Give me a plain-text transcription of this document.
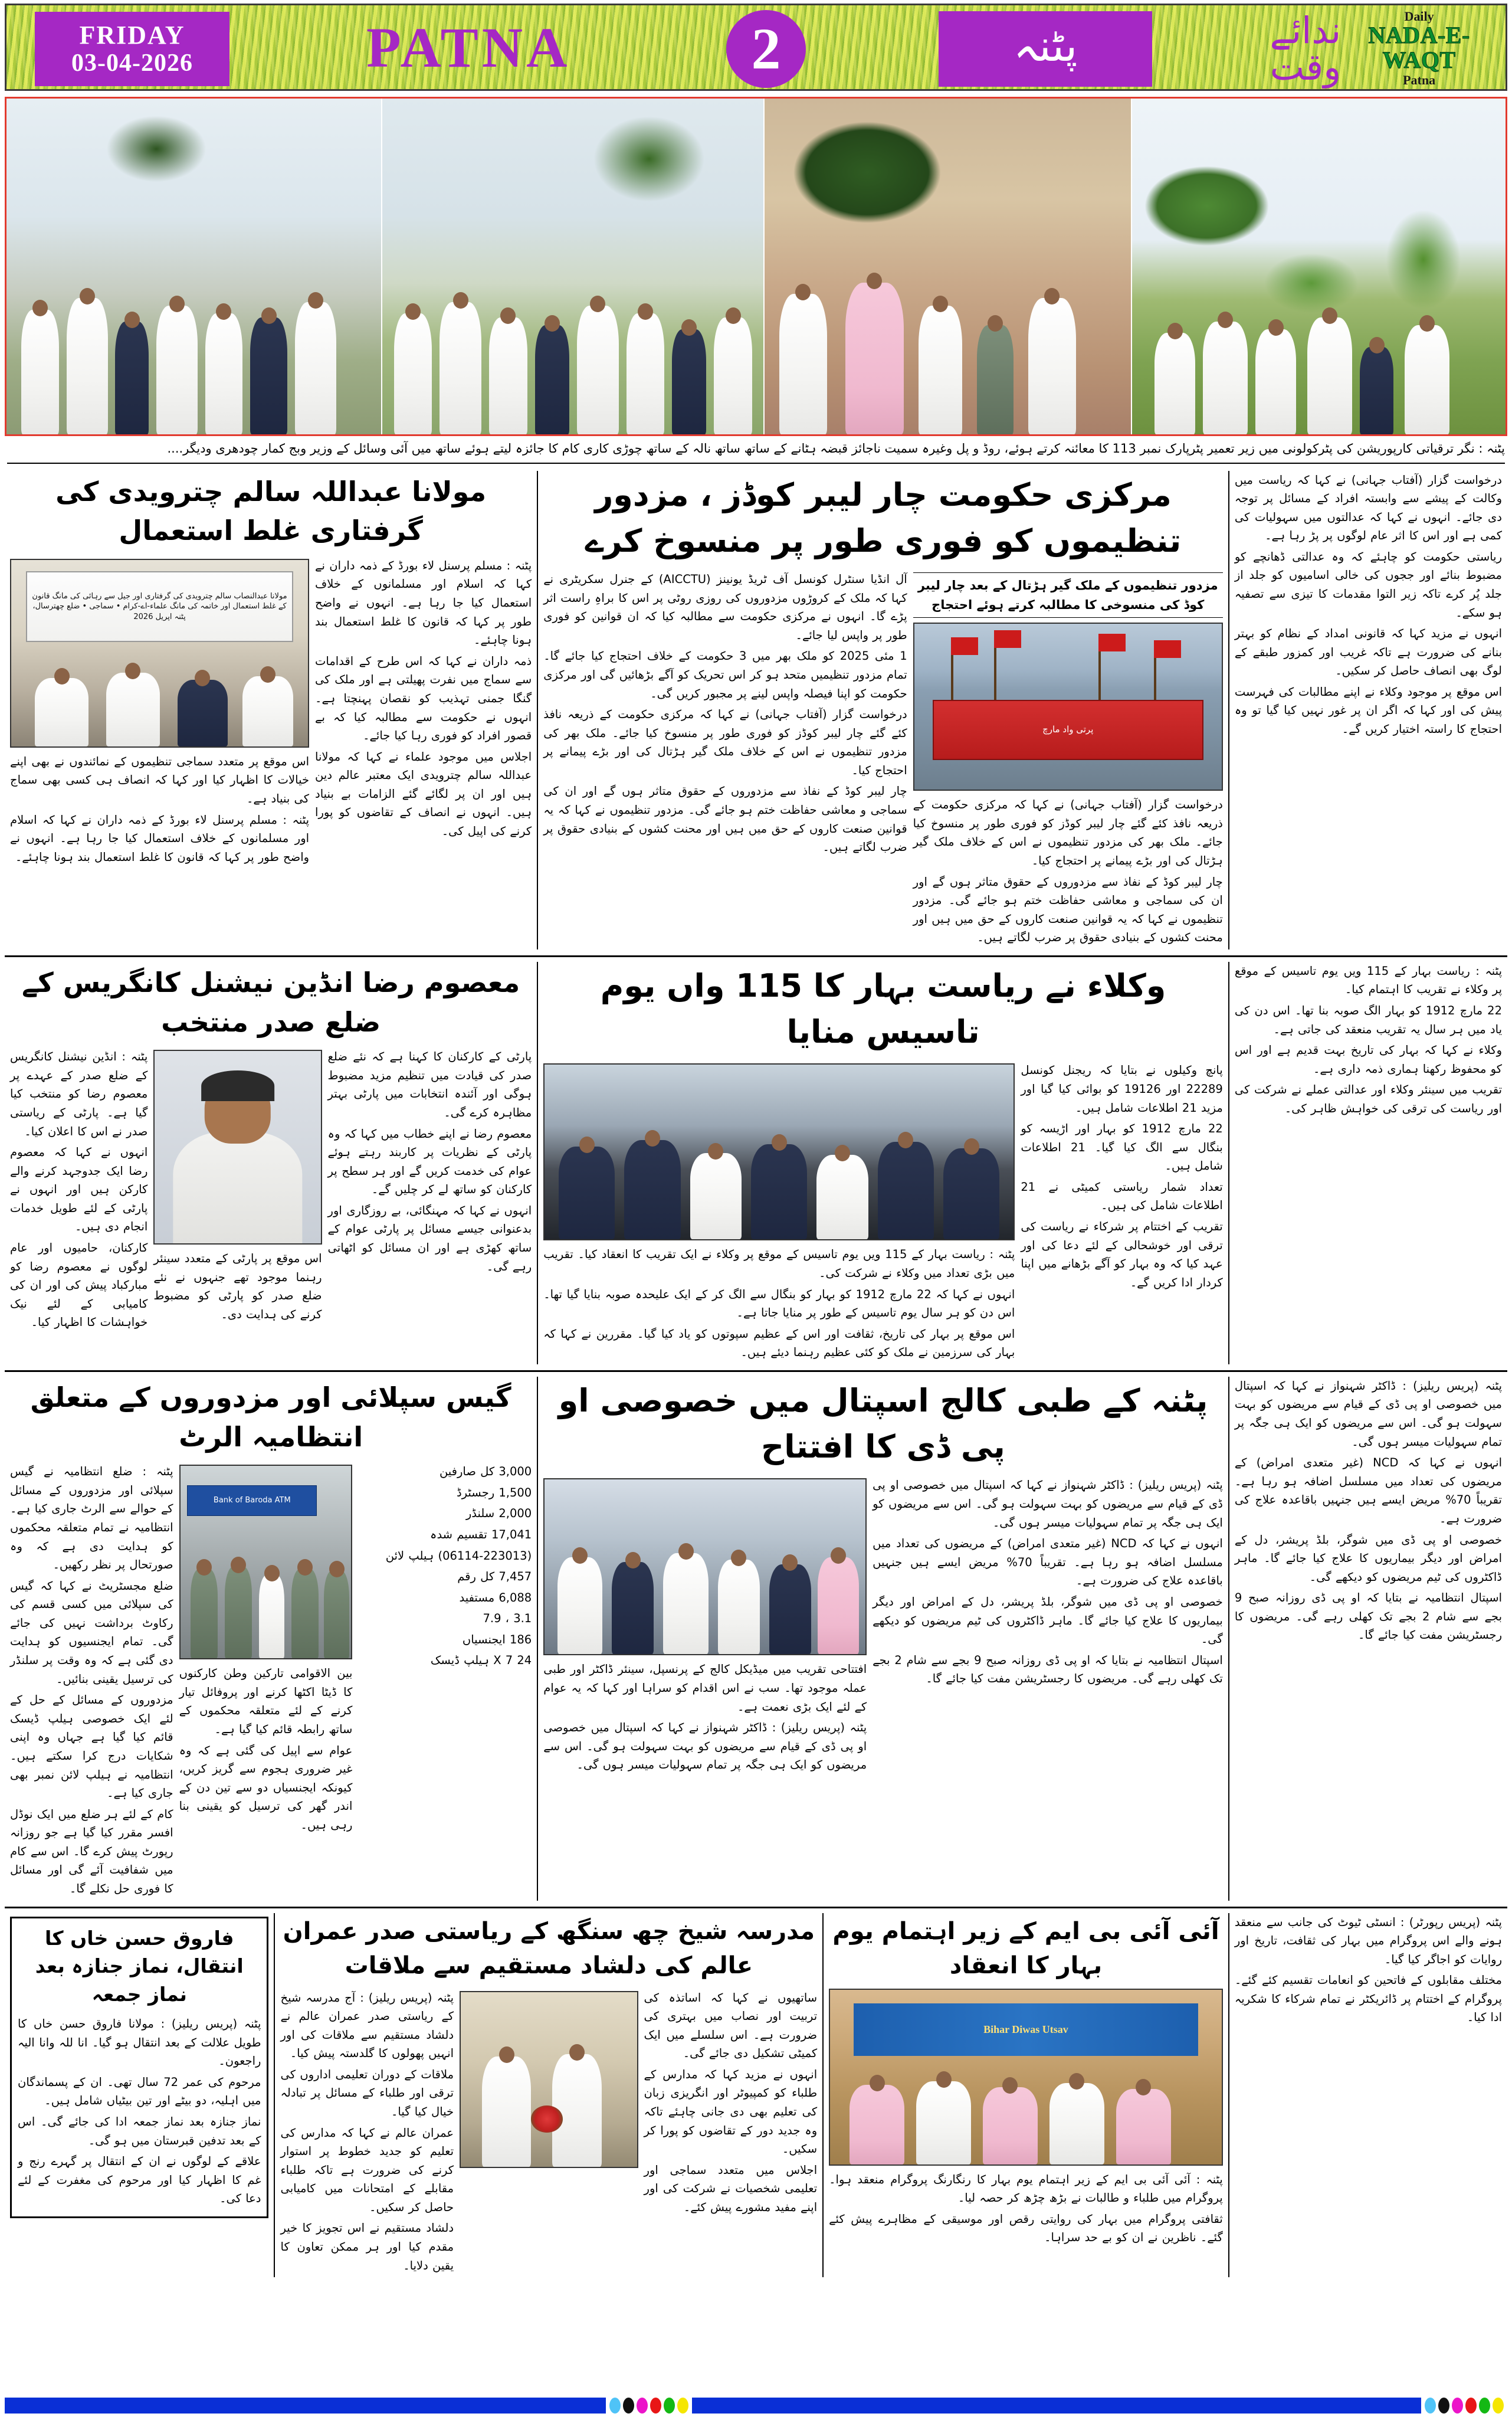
FRIDAY
03-04-2026	PATNA	2	پٹنہ
Daily
NADA-E-WAQT
Patna
ندائے وقت
پٹنہ : نگر ترقیاتی کارپوریشن کی پٹرکولونی میں زیر تعمیر پٹرپارک نمبر 113 کا معائنہ کرتے ہوئے، روڈ و پل وغیرہ سمیت ناجائز قبضہ ہٹانے کے ساتھ ساتھ نالہ کے ساتھ چوڑی کاری کام کا جائزہ لیتے ہوئے ساتھ میں آئی وسائل کے وزیر وبج کمار چودھری ودیگر....

درخواست گزار (آفتاب جہانی) نے کہا کہ ریاست میں وکالت کے پیشے سے وابستہ افراد کے مسائل پر توجہ دی جائے۔ انہوں نے کہا کہ عدالتوں میں سہولیات کی کمی ہے اور اس کا اثر عام لوگوں پر پڑ رہا ہے۔

ریاستی حکومت کو چاہئے کہ وہ عدالتی ڈھانچے کو مضبوط بنائے اور ججوں کی خالی اسامیوں کو جلد از جلد پُر کرے تاکہ زیر التوا مقدمات کا تیزی سے تصفیہ ہو سکے۔

انہوں نے مزید کہا کہ قانونی امداد کے نظام کو بہتر بنانے کی ضرورت ہے تاکہ غریب اور کمزور طبقے کے لوگ بھی انصاف حاصل کر سکیں۔

اس موقع پر موجود وکلاء نے اپنے مطالبات کی فہرست پیش کی اور کہا کہ اگر ان پر غور نہیں کیا گیا تو وہ احتجاج کا راستہ اختیار کریں گے۔

مرکزی حکومت چار لیبر کوڈز ، مزدور تنظیموں کو فوری طور پر منسوخ کرے
مزدور تنظیموں کے ملک گیر ہڑتال کے بعد چار لیبر کوڈ کی منسوخی کا مطالبہ کرتے ہوئے احتجاج
پرتی واد مارچ

درخواست گزار (آفتاب جہانی) نے کہا کہ مرکزی حکومت کے ذریعہ نافذ کئے گئے چار لیبر کوڈز کو فوری طور پر منسوخ کیا جائے۔ ملک بھر کی مزدور تنظیموں نے اس کے خلاف ملک گیر ہڑتال کی اور بڑے پیمانے پر احتجاج کیا۔

چار لیبر کوڈ کے نفاذ سے مزدوروں کے حقوق متاثر ہوں گے اور ان کی سماجی و معاشی حفاظت ختم ہو جائے گی۔ مزدور تنظیموں نے کہا کہ یہ قوانین صنعت کاروں کے حق میں ہیں اور محنت کشوں کے بنیادی حقوق پر ضرب لگاتے ہیں۔

آل انڈیا سنٹرل کونسل آف ٹریڈ یونینز (AICCTU) کے جنرل سکریٹری نے کہا کہ ملک کے کروڑوں مزدوروں کی روزی روٹی پر اس کا براہِ راست اثر پڑے گا۔ انہوں نے مرکزی حکومت سے مطالبہ کیا کہ ان قوانین کو فوری طور پر واپس لیا جائے۔

1 مئی 2025 کو ملک بھر میں 3 حکومت کے خلاف احتجاج کیا جائے گا۔ تمام مزدور تنظیمیں متحد ہو کر اس تحریک کو آگے بڑھائیں گی اور مرکزی حکومت کو اپنا فیصلہ واپس لینے پر مجبور کریں گی۔

درخواست گزار (آفتاب جہانی) نے کہا کہ مرکزی حکومت کے ذریعہ نافذ کئے گئے چار لیبر کوڈز کو فوری طور پر منسوخ کیا جائے۔ ملک بھر کی مزدور تنظیموں نے اس کے خلاف ملک گیر ہڑتال کی اور بڑے پیمانے پر احتجاج کیا۔

چار لیبر کوڈ کے نفاذ سے مزدوروں کے حقوق متاثر ہوں گے اور ان کی سماجی و معاشی حفاظت ختم ہو جائے گی۔ مزدور تنظیموں نے کہا کہ یہ قوانین صنعت کاروں کے حق میں ہیں اور محنت کشوں کے بنیادی حقوق پر ضرب لگاتے ہیں۔

مولانا عبداللہ سالم چترویدی کی گرفتاری غلط استعمال

پٹنہ : مسلم پرسنل لاء بورڈ کے ذمہ داران نے کہا کہ اسلام اور مسلمانوں کے خلاف استعمال کیا جا رہا ہے۔ انہوں نے واضح طور پر کہا کہ قانون کا غلط استعمال بند ہونا چاہئے۔

ذمہ داران نے کہا کہ اس طرح کے اقدامات سے سماج میں نفرت پھیلتی ہے اور ملک کی گنگا جمنی تہذیب کو نقصان پہنچتا ہے۔ انہوں نے حکومت سے مطالبہ کیا کہ بے قصور افراد کو فوری رہا کیا جائے۔

اجلاس میں موجود علماء نے کہا کہ مولانا عبداللہ سالم چترویدی ایک معتبر عالم دین ہیں اور ان پر لگائے گئے الزامات بے بنیاد ہیں۔ انہوں نے انصاف کے تقاضوں کو پورا کرنے کی اپیل کی۔

مولانا عبدالنصاب سالم چترویدی کی گرفتاری اور جیل سے رہائی کی مانگ قانون کے غلط استعمال اور خاتمہ کی مانگ علماء-اے-کرام • سماجی • ضلع چھترسال، پٹنہ اپریل 2026

اس موقع پر متعدد سماجی تنظیموں کے نمائندوں نے بھی اپنے خیالات کا اظہار کیا اور کہا کہ انصاف ہی کسی بھی سماج کی بنیاد ہے۔

پٹنہ : مسلم پرسنل لاء بورڈ کے ذمہ داران نے کہا کہ اسلام اور مسلمانوں کے خلاف استعمال کیا جا رہا ہے۔ انہوں نے واضح طور پر کہا کہ قانون کا غلط استعمال بند ہونا چاہئے۔

پٹنہ : ریاست بہار کے 115 ویں یوم تاسیس کے موقع پر وکلاء نے تقریب کا اہتمام کیا۔

22 مارچ 1912 کو بہار الگ صوبہ بنا تھا۔ اس دن کی یاد میں ہر سال یہ تقریب منعقد کی جاتی ہے۔

وکلاء نے کہا کہ بہار کی تاریخ بہت قدیم ہے اور اس کو محفوظ رکھنا ہماری ذمہ داری ہے۔

تقریب میں سینئر وکلاء اور عدالتی عملے نے شرکت کی اور ریاست کی ترقی کی خواہش ظاہر کی۔

وکلاء نے ریاست بہار کا 115 واں یوم تاسیس منایا

پانچ وکیلوں نے بتایا کہ ریجنل کونسل 22289 اور 19126 کو بوائی کیا گیا اور مزید 21 اطلاعات شامل ہیں۔

22 مارچ 1912 کو بہار اور اڑیسہ کو بنگال سے الگ کیا گیا۔ 21 اطلاعات شامل ہیں۔

تعداد شمار ریاستی کمیٹی نے 21 اطلاعات شامل کی ہیں۔

تقریب کے اختتام پر شرکاء نے ریاست کی ترقی اور خوشحالی کے لئے دعا کی اور عہد کیا کہ وہ بہار کو آگے بڑھانے میں اپنا کردار ادا کریں گے۔

پٹنہ : ریاست بہار کے 115 ویں یوم تاسیس کے موقع پر وکلاء نے ایک تقریب کا انعقاد کیا۔ تقریب میں بڑی تعداد میں وکلاء نے شرکت کی۔

انہوں نے کہا کہ 22 مارچ 1912 کو بہار کو بنگال سے الگ کر کے ایک علیحدہ صوبہ بنایا گیا تھا۔ اس دن کو ہر سال یوم تاسیس کے طور پر منایا جاتا ہے۔

اس موقع پر بہار کی تاریخ، ثقافت اور اس کے عظیم سپوتوں کو یاد کیا گیا۔ مقررین نے کہا کہ بہار کی سرزمین نے ملک کو کئی عظیم رہنما دیئے ہیں۔

معصوم رضا انڈین نیشنل کانگریس کے ضلع صدر منتخب

پارٹی کے کارکنان کا کہنا ہے کہ نئے ضلع صدر کی قیادت میں تنظیم مزید مضبوط ہوگی اور آئندہ انتخابات میں پارٹی بہتر مظاہرہ کرے گی۔

معصوم رضا نے اپنے خطاب میں کہا کہ وہ پارٹی کے نظریات پر کاربند رہتے ہوئے عوام کی خدمت کریں گے اور ہر سطح پر کارکنان کو ساتھ لے کر چلیں گے۔

انہوں نے کہا کہ مہنگائی، بے روزگاری اور بدعنوانی جیسے مسائل پر پارٹی عوام کے ساتھ کھڑی ہے اور ان مسائل کو اٹھاتی رہے گی۔

اس موقع پر پارٹی کے متعدد سینئر رہنما موجود تھے جنہوں نے نئے ضلع صدر کو پارٹی کو مضبوط کرنے کی ہدایت دی۔

پٹنہ : انڈین نیشنل کانگریس کے ضلع صدر کے عہدے پر معصوم رضا کو منتخب کیا گیا ہے۔ پارٹی کے ریاستی صدر نے اس کا اعلان کیا۔

انہوں نے کہا کہ معصوم رضا ایک جدوجہد کرنے والے کارکن ہیں اور انہوں نے پارٹی کے لئے طویل خدمات انجام دی ہیں۔

کارکنان، حامیوں اور عام لوگوں نے معصوم رضا کو مبارکباد پیش کی اور ان کی کامیابی کے لئے نیک خواہشات کا اظہار کیا۔

پٹنہ (پریس ریلیز) : ڈاکٹر شہنواز نے کہا کہ اسپتال میں خصوصی او پی ڈی کے قیام سے مریضوں کو بہت سہولت ہو گی۔ اس سے مریضوں کو ایک ہی جگہ پر تمام سہولیات میسر ہوں گی۔

انہوں نے کہا کہ NCD (غیر متعدی امراض) کے مریضوں کی تعداد میں مسلسل اضافہ ہو رہا ہے۔ تقریباً 70% مریض ایسے ہیں جنہیں باقاعدہ علاج کی ضرورت ہے۔

خصوصی او پی ڈی میں شوگر، بلڈ پریشر، دل کے امراض اور دیگر بیماریوں کا علاج کیا جائے گا۔ ماہر ڈاکٹروں کی ٹیم مریضوں کو دیکھے گی۔

اسپتال انتظامیہ نے بتایا کہ او پی ڈی روزانہ صبح 9 بجے سے شام 2 بجے تک کھلی رہے گی۔ مریضوں کا رجسٹریشن مفت کیا جائے گا۔

پٹنہ کے طبی کالج اسپتال میں خصوصی او پی ڈی کا افتتاح

پٹنہ (پریس ریلیز) : ڈاکٹر شہنواز نے کہا کہ اسپتال میں خصوصی او پی ڈی کے قیام سے مریضوں کو بہت سہولت ہو گی۔ اس سے مریضوں کو ایک ہی جگہ پر تمام سہولیات میسر ہوں گی۔

انہوں نے کہا کہ NCD (غیر متعدی امراض) کے مریضوں کی تعداد میں مسلسل اضافہ ہو رہا ہے۔ تقریباً 70% مریض ایسے ہیں جنہیں باقاعدہ علاج کی ضرورت ہے۔

خصوصی او پی ڈی میں شوگر، بلڈ پریشر، دل کے امراض اور دیگر بیماریوں کا علاج کیا جائے گا۔ ماہر ڈاکٹروں کی ٹیم مریضوں کو دیکھے گی۔

اسپتال انتظامیہ نے بتایا کہ او پی ڈی روزانہ صبح 9 بجے سے شام 2 بجے تک کھلی رہے گی۔ مریضوں کا رجسٹریشن مفت کیا جائے گا۔

افتتاحی تقریب میں میڈیکل کالج کے پرنسپل، سینئر ڈاکٹر اور طبی عملہ موجود تھا۔ سب نے اس اقدام کو سراہا اور کہا کہ یہ عوام کے لئے ایک بڑی نعمت ہے۔

پٹنہ (پریس ریلیز) : ڈاکٹر شہنواز نے کہا کہ اسپتال میں خصوصی او پی ڈی کے قیام سے مریضوں کو بہت سہولت ہو گی۔ اس سے مریضوں کو ایک ہی جگہ پر تمام سہولیات میسر ہوں گی۔

گیس سپلائی اور مزدوروں کے متعلق انتظامیہ الرٹ

3,000 کل صارفین

1,500 رجسٹرڈ

2,000 سلنڈر

17,041 تقسیم شدہ

(06114-223013) ہیلپ لائن

7,457 کل رقم

6,088 مستفید

3.1 ، 7.9

186 ایجنسیاں

24 X 7 ہیلپ ڈیسک

Bank of Baroda ATM

بین الاقوامی تارکین وطن کارکنوں کا ڈیٹا اکٹھا کرنے اور پروفائل تیار کرنے کے لئے متعلقہ محکموں کے ساتھ رابطہ قائم کیا گیا ہے۔

عوام سے اپیل کی گئی ہے کہ وہ غیر ضروری ہجوم سے گریز کریں، کیونکہ ایجنسیاں دو سے تین دن کے اندر گھر کی ترسیل کو یقینی بنا رہی ہیں۔

پٹنہ : ضلع انتظامیہ نے گیس سپلائی اور مزدوروں کے مسائل کے حوالے سے الرٹ جاری کیا ہے۔ انتظامیہ نے تمام متعلقہ محکموں کو ہدایت دی ہے کہ وہ صورتحال پر نظر رکھیں۔

ضلع مجسٹریٹ نے کہا کہ گیس کی سپلائی میں کسی قسم کی رکاوٹ برداشت نہیں کی جائے گی۔ تمام ایجنسیوں کو ہدایت دی گئی ہے کہ وہ وقت پر سلنڈر کی ترسیل یقینی بنائیں۔

مزدوروں کے مسائل کے حل کے لئے ایک خصوصی ہیلپ ڈیسک قائم کیا گیا ہے جہاں وہ اپنی شکایات درج کرا سکتے ہیں۔ انتظامیہ نے ہیلپ لائن نمبر بھی جاری کیا ہے۔

کام کے لئے ہر ضلع میں ایک نوڈل افسر مقرر کیا گیا ہے جو روزانہ رپورٹ پیش کرے گا۔ اس سے کام میں شفافیت آئے گی اور مسائل کا فوری حل نکلے گا۔

پٹنہ (پریس رپورٹر) : انسٹی ٹیوٹ کی جانب سے منعقد ہونے والے اس پروگرام میں بہار کی ثقافت، تاریخ اور روایات کو اجاگر کیا گیا۔

مختلف مقابلوں کے فاتحین کو انعامات تقسیم کئے گئے۔ پروگرام کے اختتام پر ڈائریکٹر نے تمام شرکاء کا شکریہ ادا کیا۔

آئی آئی بی ایم کے زیر اہتمام یوم بہار کا انعقاد
Bihar Diwas Utsav

پٹنہ : آئی آئی بی ایم کے زیر اہتمام یوم بہار کا رنگارنگ پروگرام منعقد ہوا۔ پروگرام میں طلباء و طالبات نے بڑھ چڑھ کر حصہ لیا۔

ثقافتی پروگرام میں بہار کی روایتی رقص اور موسیقی کے مظاہرے پیش کئے گئے۔ ناظرین نے ان کو بے حد سراہا۔

مدرسہ شیخ چھ سنگھ کے ریاستی صدر عمران عالم کی دلشاد مستقیم سے ملاقات

ساتھیوں نے کہا کہ اساتذہ کی تربیت اور نصاب میں بہتری کی ضرورت ہے۔ اس سلسلے میں ایک کمیٹی تشکیل دی جائے گی۔

انہوں نے مزید کہا کہ مدارس کے طلباء کو کمپیوٹر اور انگریزی زبان کی تعلیم بھی دی جانی چاہئے تاکہ وہ جدید دور کے تقاضوں کو پورا کر سکیں۔

اجلاس میں متعدد سماجی اور تعلیمی شخصیات نے شرکت کی اور اپنے مفید مشورے پیش کئے۔

پٹنہ (پریس ریلیز) : آج مدرسہ شیخ کے ریاستی صدر عمران عالم نے دلشاد مستقیم سے ملاقات کی اور انہیں پھولوں کا گلدستہ پیش کیا۔

ملاقات کے دوران تعلیمی اداروں کی ترقی اور طلباء کے مسائل پر تبادلہ خیال کیا گیا۔

عمران عالم نے کہا کہ مدارس کی تعلیم کو جدید خطوط پر استوار کرنے کی ضرورت ہے تاکہ طلباء مقابلے کے امتحانات میں کامیابی حاصل کر سکیں۔

دلشاد مستقیم نے اس تجویز کا خیر مقدم کیا اور ہر ممکن تعاون کا یقین دلایا۔

فاروق حسن خاں کا انتقال، نماز جنازہ بعد نماز جمعہ

پٹنہ (پریس ریلیز) : مولانا فاروق حسن خاں کا طویل علالت کے بعد انتقال ہو گیا۔ انا للہ وانا الیہ راجعون۔

مرحوم کی عمر 72 سال تھی۔ ان کے پسماندگان میں اہلیہ، دو بیٹے اور تین بیٹیاں شامل ہیں۔

نماز جنازہ بعد نماز جمعہ ادا کی جائے گی۔ اس کے بعد تدفین قبرستان میں ہو گی۔

علاقے کے لوگوں نے ان کے انتقال پر گہرے رنج و غم کا اظہار کیا اور مرحوم کی مغفرت کے لئے دعا کی۔
